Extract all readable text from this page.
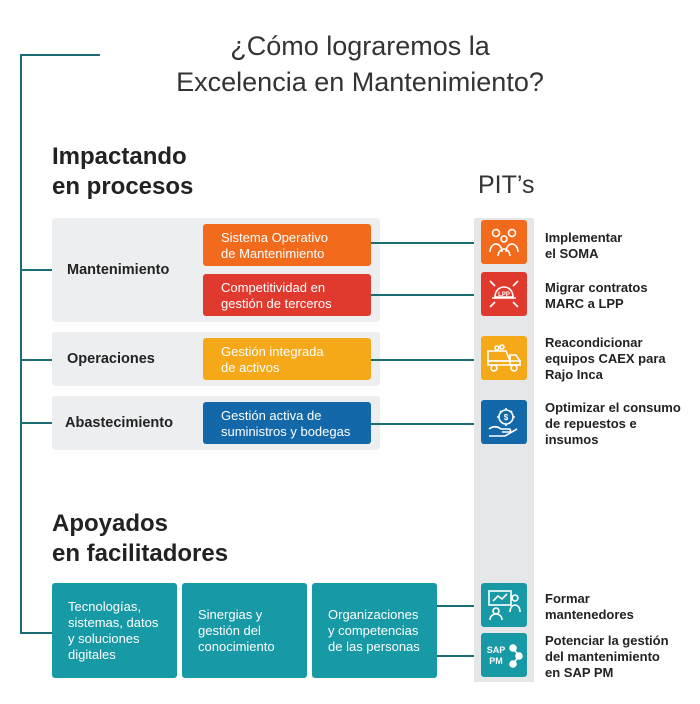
¿Cómo lograremos la
Excelencia en Mantenimiento?
Impactando
en procesos	PIT’s
Apoyados
en facilitadores
Mantenimiento
Operaciones
Abastecimiento
Sistema Operativo
de Mantenimiento
Competitividad en
gestión de terceros
Gestión integrada
de activos
Gestión activa de
suministros y bodegas
LPP
$
SAP
PM
Implementar
el SOMA
Migrar contratos
MARC a LPP
Reacondicionar
equipos CAEX para
Rajo Inca
Optimizar el consumo
de repuestos e
insumos
Formar
mantenedores
Potenciar la gestión
del mantenimiento
en SAP PM
Tecnologías,
sistemas, datos
y soluciones
digitales
Sinergias y
gestión del
conocimiento
Organizaciones
y competencias
de las personas
